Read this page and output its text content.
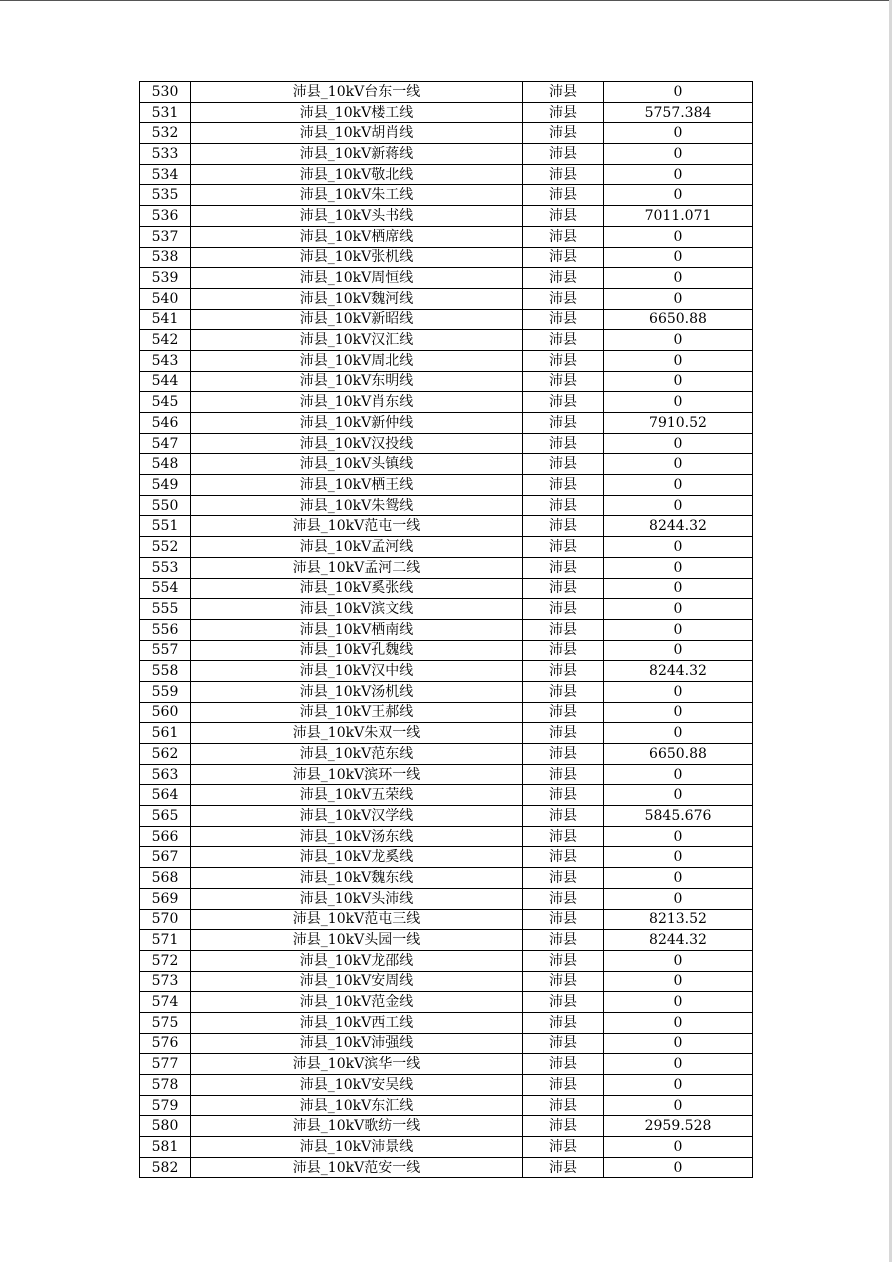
530	沛县_10kV台东一线	沛县	0
531	沛县_10kV楼工线	沛县	5757.384
532	沛县_10kV胡肖线	沛县	0
533	沛县_10kV新蒋线	沛县	0
534	沛县_10kV敬北线	沛县	0
535	沛县_10kV朱工线	沛县	0
536	沛县_10kV头书线	沛县	7011.071
537	沛县_10kV栖席线	沛县	0
538	沛县_10kV张机线	沛县	0
539	沛县_10kV周恒线	沛县	0
540	沛县_10kV魏河线	沛县	0
541	沛县_10kV新昭线	沛县	6650.88
542	沛县_10kV汉汇线	沛县	0
543	沛县_10kV周北线	沛县	0
544	沛县_10kV东明线	沛县	0
545	沛县_10kV肖东线	沛县	0
546	沛县_10kV新仲线	沛县	7910.52
547	沛县_10kV汉投线	沛县	0
548	沛县_10kV头镇线	沛县	0
549	沛县_10kV栖王线	沛县	0
550	沛县_10kV朱鸳线	沛县	0
551	沛县_10kV范屯一线	沛县	8244.32
552	沛县_10kV孟河线	沛县	0
553	沛县_10kV孟河二线	沛县	0
554	沛县_10kV奚张线	沛县	0
555	沛县_10kV滨文线	沛县	0
556	沛县_10kV栖南线	沛县	0
557	沛县_10kV孔魏线	沛县	0
558	沛县_10kV汉中线	沛县	8244.32
559	沛县_10kV汤机线	沛县	0
560	沛县_10kV王郝线	沛县	0
561	沛县_10kV朱双一线	沛县	0
562	沛县_10kV范东线	沛县	6650.88
563	沛县_10kV滨环一线	沛县	0
564	沛县_10kV五荣线	沛县	0
565	沛县_10kV汉学线	沛县	5845.676
566	沛县_10kV汤东线	沛县	0
567	沛县_10kV龙奚线	沛县	0
568	沛县_10kV魏东线	沛县	0
569	沛县_10kV头沛线	沛县	0
570	沛县_10kV范屯三线	沛县	8213.52
571	沛县_10kV头园一线	沛县	8244.32
572	沛县_10kV龙邵线	沛县	0
573	沛县_10kV安周线	沛县	0
574	沛县_10kV范金线	沛县	0
575	沛县_10kV西工线	沛县	0
576	沛县_10kV沛强线	沛县	0
577	沛县_10kV滨华一线	沛县	0
578	沛县_10kV安吴线	沛县	0
579	沛县_10kV东汇线	沛县	0
580	沛县_10kV歌纺一线	沛县	2959.528
581	沛县_10kV沛景线	沛县	0
582	沛县_10kV范安一线	沛县	0
